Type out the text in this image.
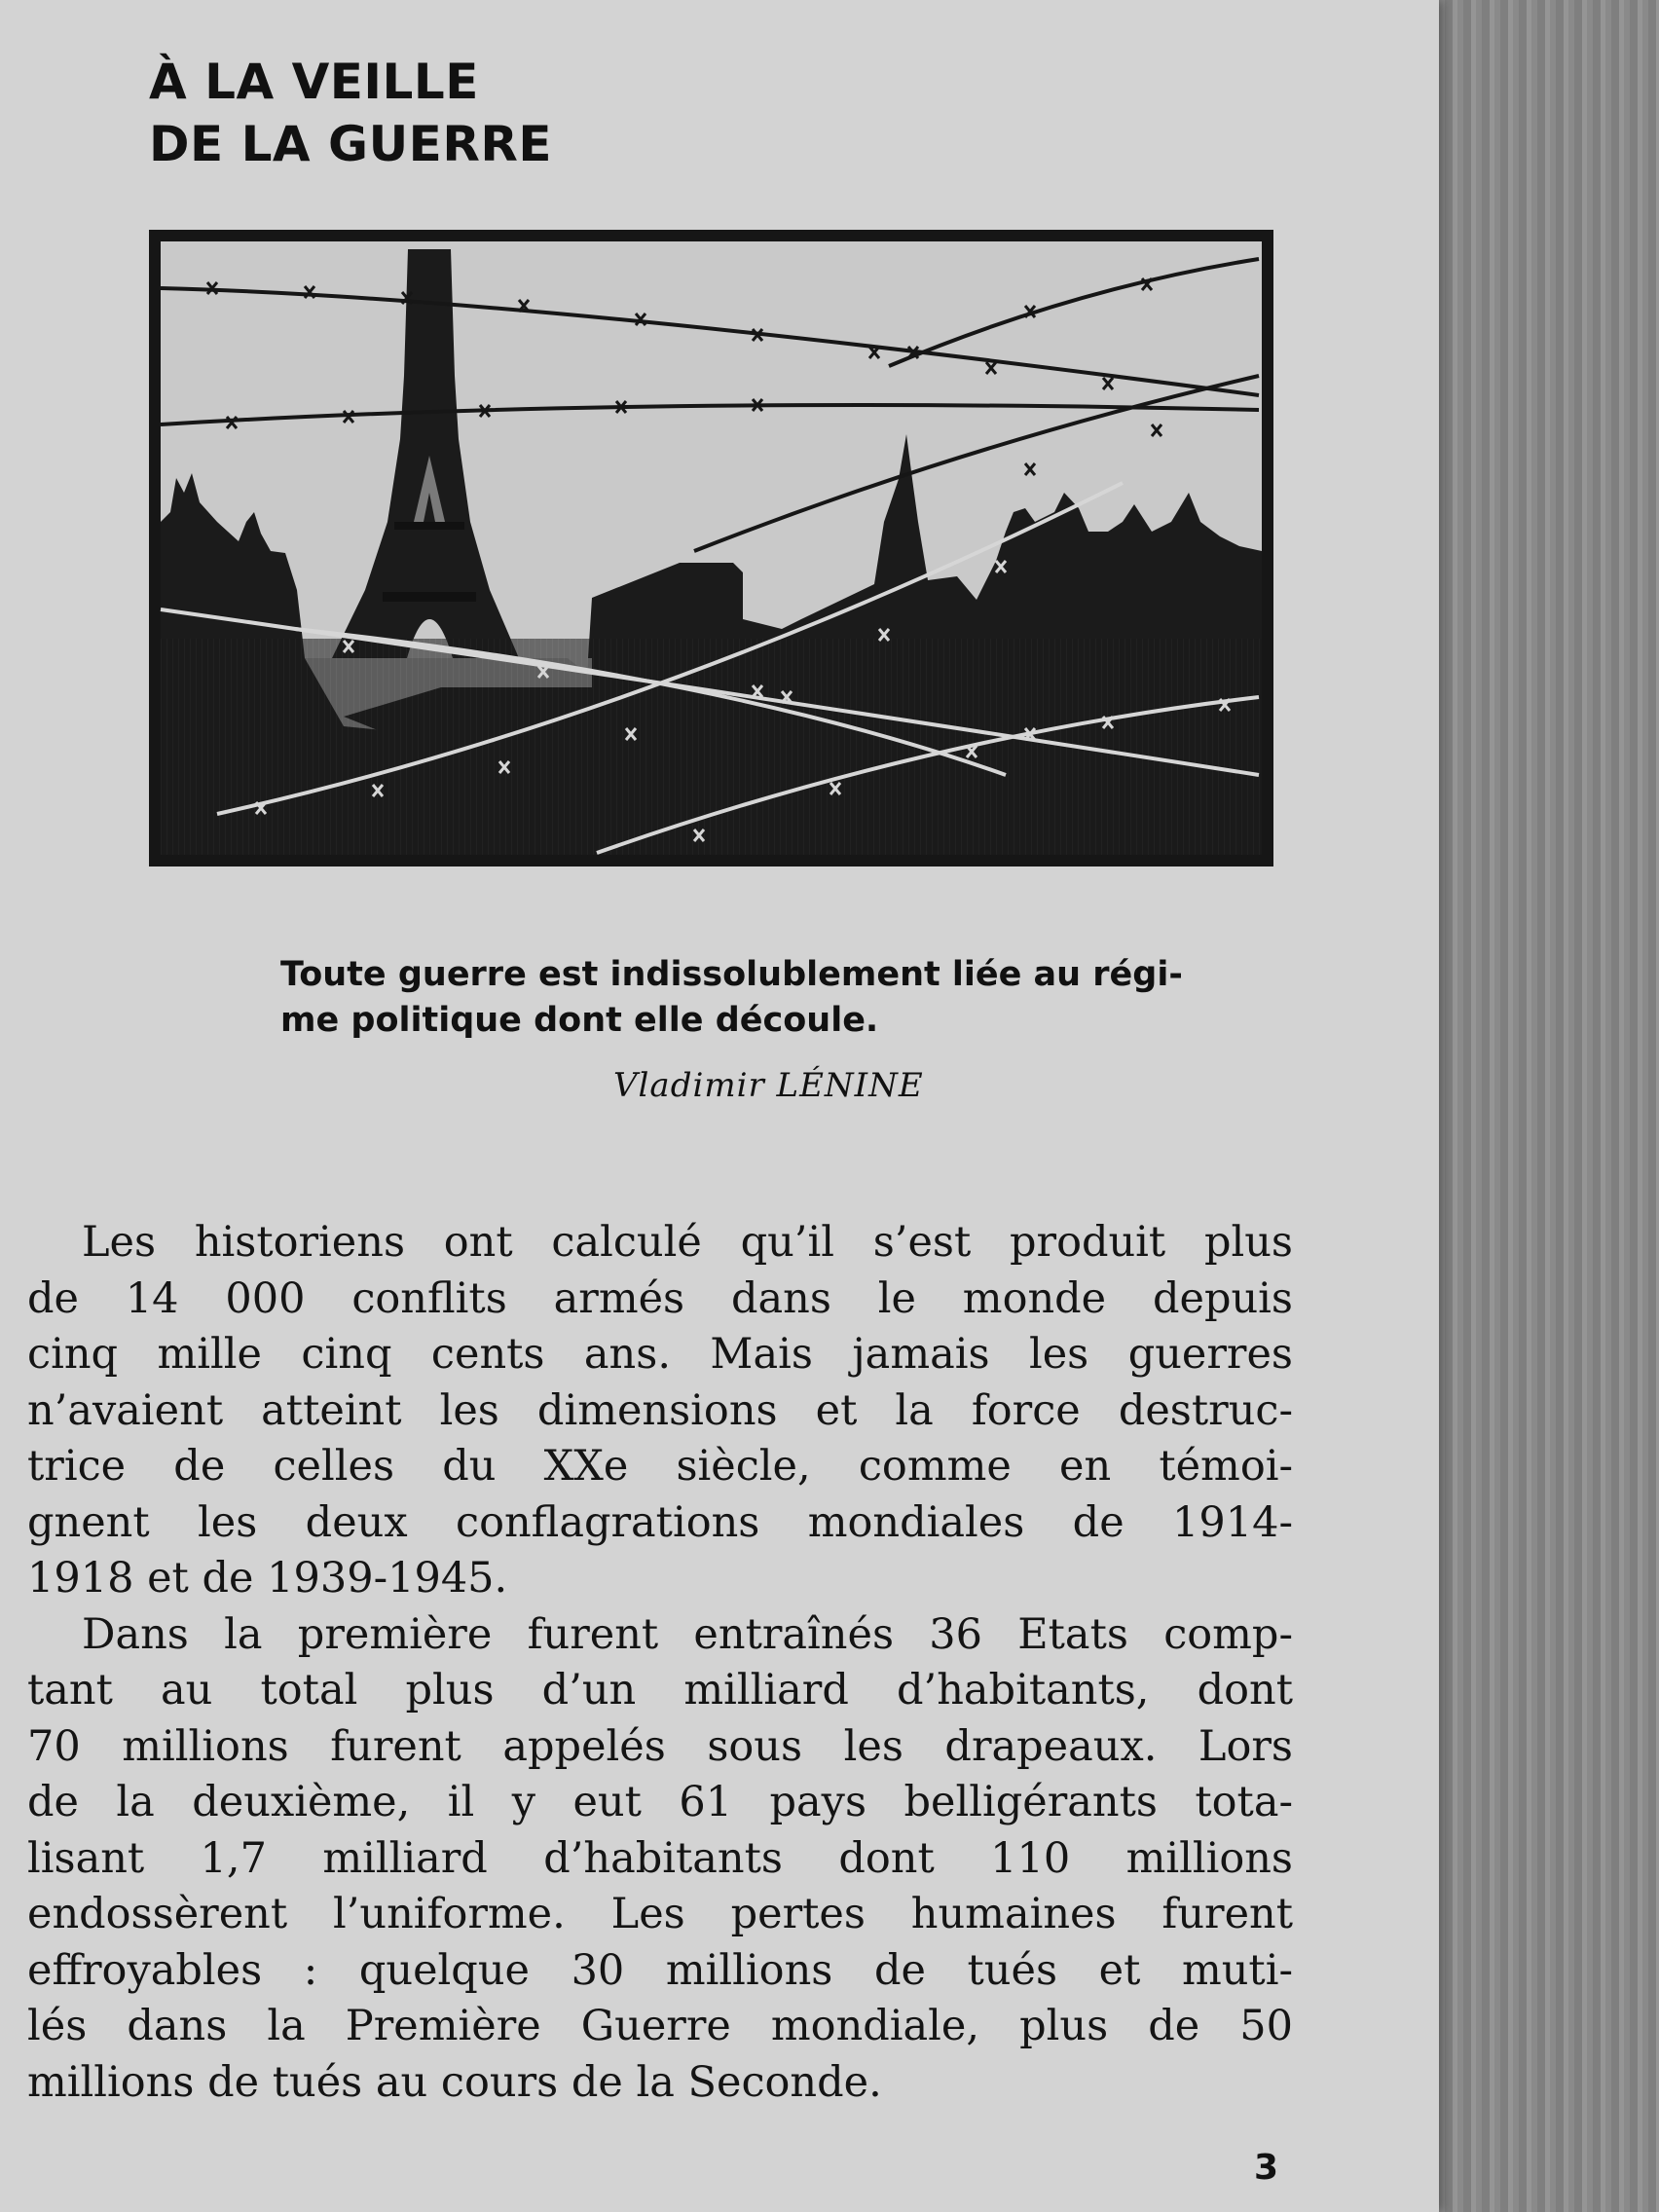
À LA VEILLE
DE LA GUERRE
Toute guerre est indissolublement liée au régi-
me politique dont elle découle.
Vladimir LÉNINE
Les historiens ont calculé qu’il s’est produit plus
de 14 000 conflits armés dans le monde depuis
cinq mille cinq cents ans. Mais jamais les guerres
n’avaient atteint les dimensions et la force destruc-
trice de celles du XXe siècle, comme en témoi-
gnent les deux conflagrations mondiales de 1914-
1918 et de 1939-1945.
Dans la première furent entraînés 36 Etats comp-
tant au total plus d’un milliard d’habitants, dont
70 millions furent appelés sous les drapeaux. Lors
de la deuxième, il y eut 61 pays belligérants tota-
lisant 1,7 milliard d’habitants dont 110 millions
endossèrent l’uniforme. Les pertes humaines furent
effroyables : quelque 30 millions de tués et muti-
lés dans la Première Guerre mondiale, plus de 50
millions de tués au cours de la Seconde.
3
